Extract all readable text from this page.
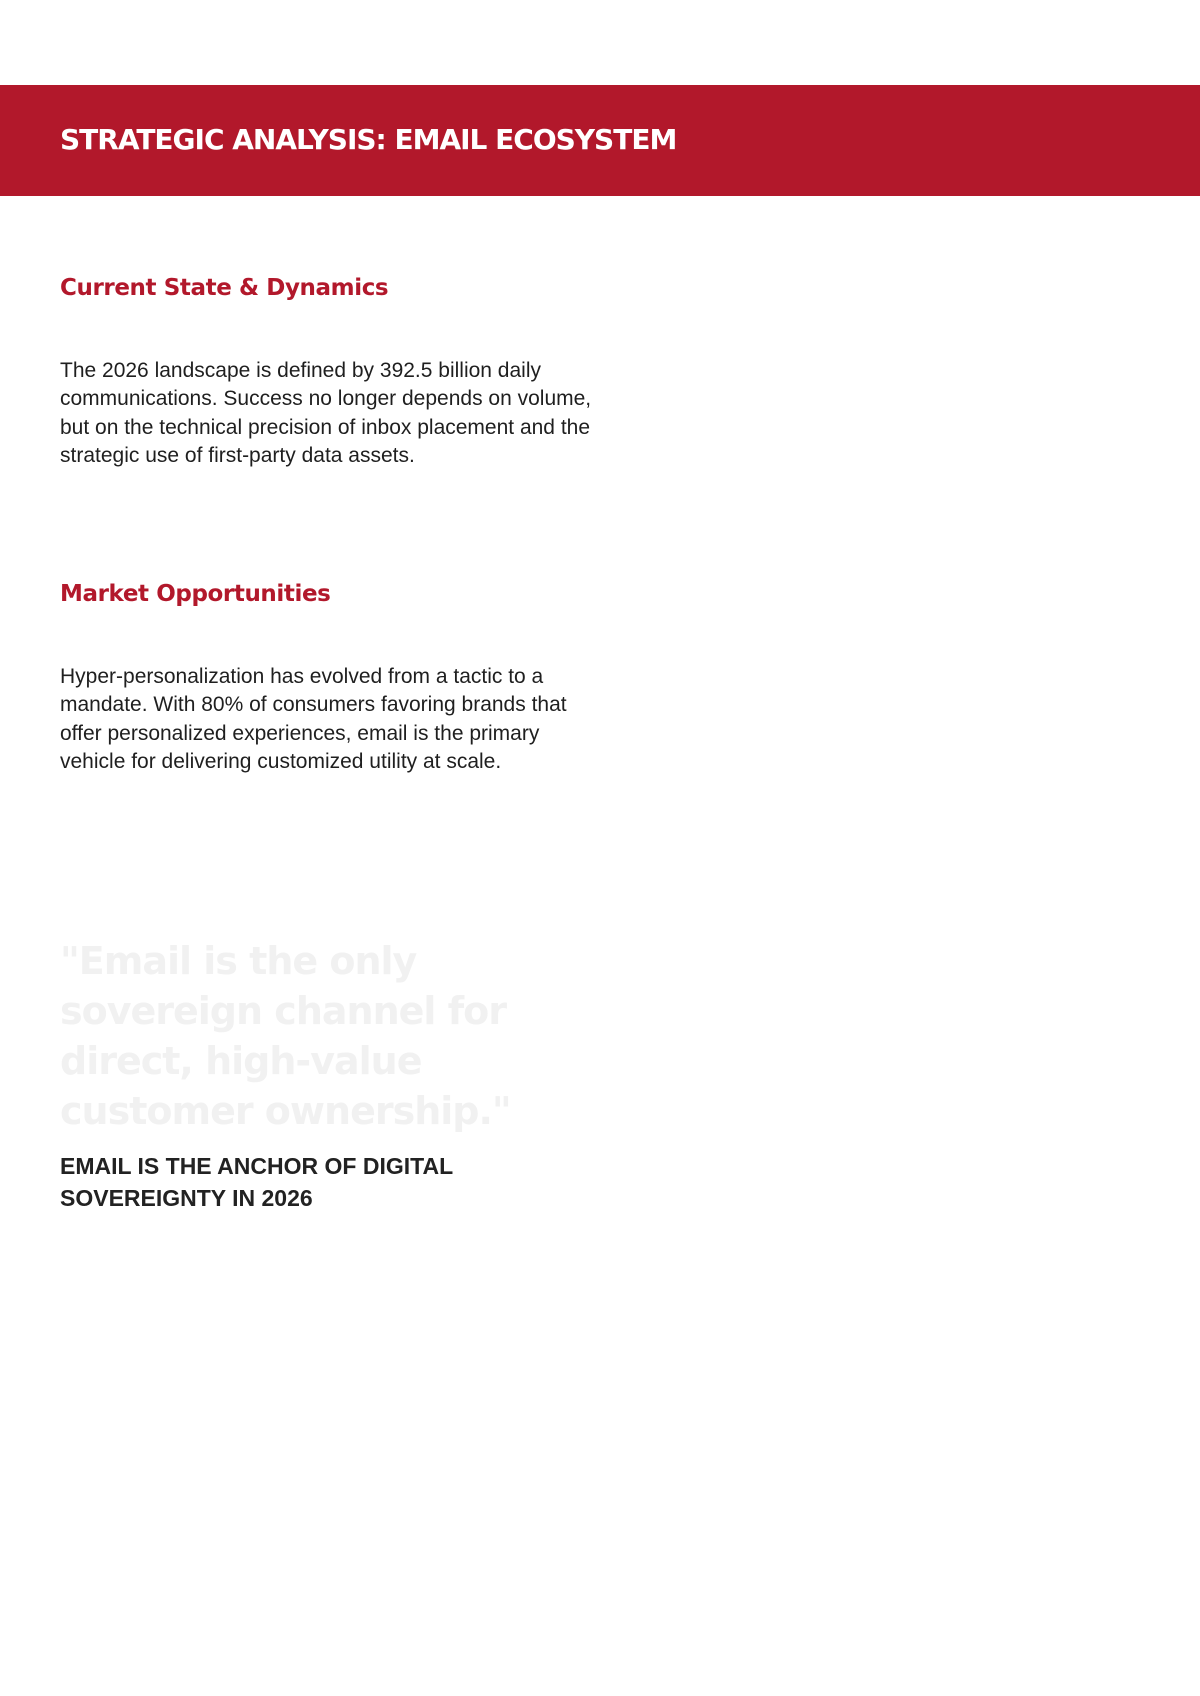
STRATEGIC ANALYSIS: EMAIL ECOSYSTEM
Current State & Dynamics

The 2026 landscape is defined by 392.5 billion daily communications. Success no longer depends on volume, but on the technical precision of inbox placement and the strategic use of first-party data assets.

Market Opportunities

Hyper-personalization has evolved from a tactic to a mandate. With 80% of consumers favoring brands that offer personalized experiences, email is the primary vehicle for delivering customized utility at scale.

"Email is the only sovereign channel for direct, high-value customer ownership."

EMAIL IS THE ANCHOR OF DIGITAL SOVEREIGNTY IN 2026
